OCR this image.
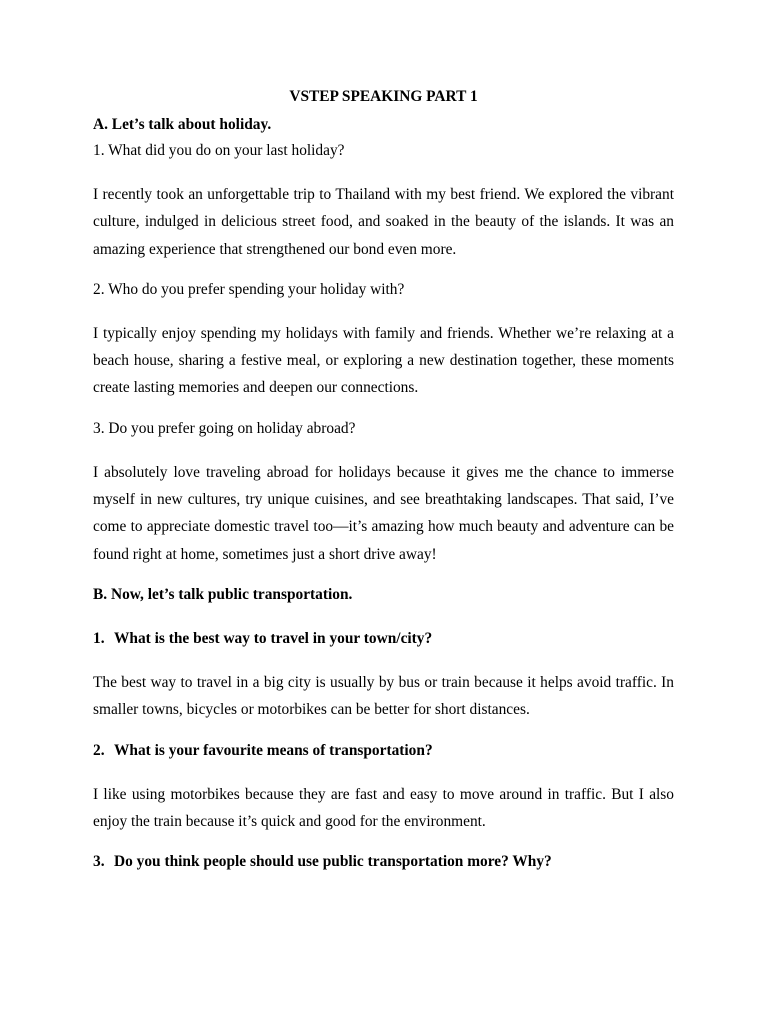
VSTEP SPEAKING PART 1

A. Let’s talk about holiday.

1. What did you do on your last holiday?

I recently took an unforgettable trip to Thailand with my best friend. We explored the vibrant culture, indulged in delicious street food, and soaked in the beauty of the islands. It was an amazing experience that strengthened our bond even more.

2. Who do you prefer spending your holiday with?

I typically enjoy spending my holidays with family and friends. Whether we’re relaxing at a beach house, sharing a festive meal, or exploring a new destination together, these moments create lasting memories and deepen our connections.

3. Do you prefer going on holiday abroad?

I absolutely love traveling abroad for holidays because it gives me the chance to immerse myself in new cultures, try unique cuisines, and see breathtaking landscapes. That said, I’ve come to appreciate domestic travel too—it’s amazing how much beauty and adventure can be found right at home, sometimes just a short drive away!

B. Now, let’s talk public transportation.

1. What is the best way to travel in your town/city?

The best way to travel in a big city is usually by bus or train because it helps avoid traffic. In smaller towns, bicycles or motorbikes can be better for short distances.

2. What is your favourite means of transportation?

I like using motorbikes because they are fast and easy to move around in traffic. But I also enjoy the train because it’s quick and good for the environment.

3. Do you think people should use public transportation more? Why?
